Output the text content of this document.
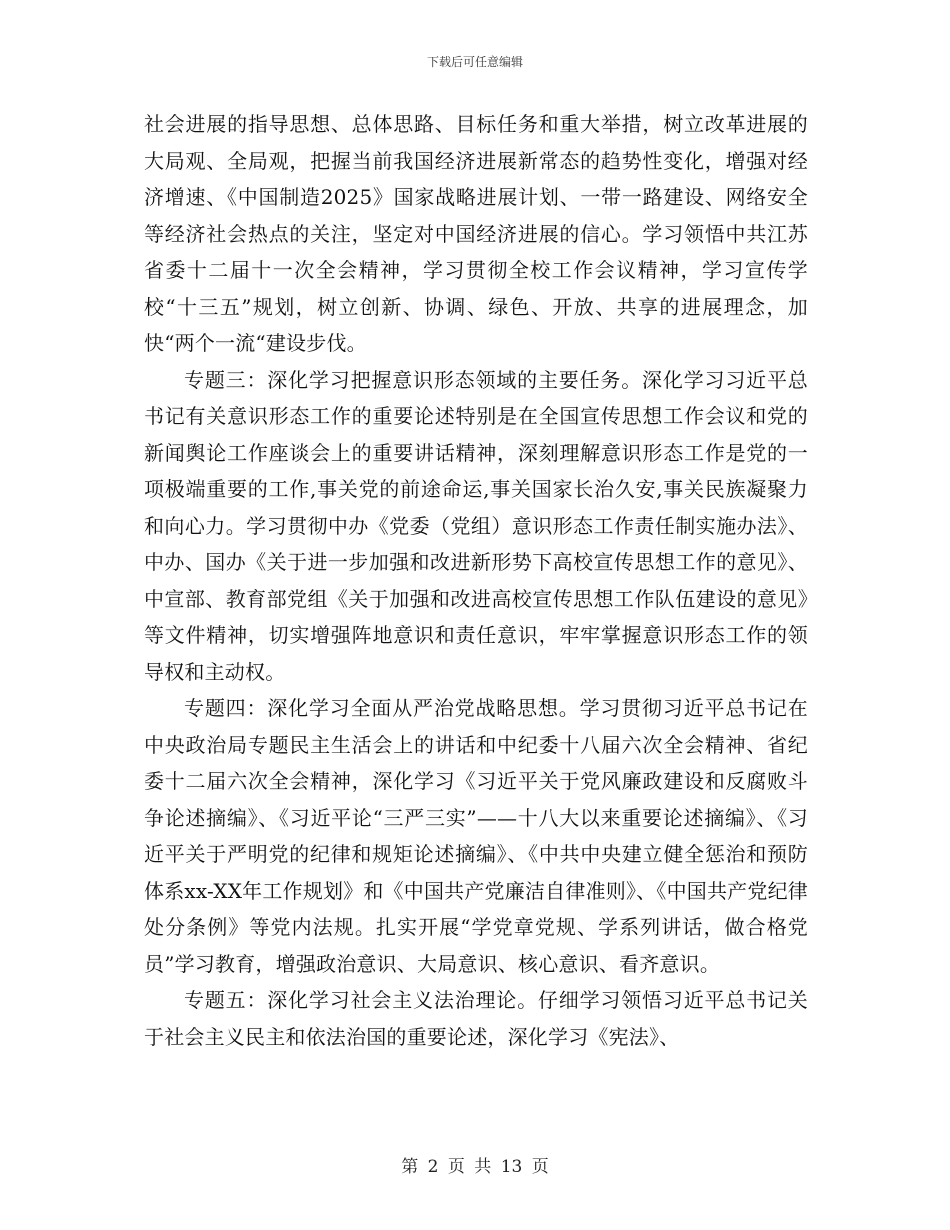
下载后可任意编辑

社会进展的指导思想、总体思路、目标任务和重大举措，树立改革进展的大局观、全局观，把握当前我国经济进展新常态的趋势性变化，增强对经济增速、《中国制造2025》国家战略进展计划、一带一路建设、网络安全等经济社会热点的关注，坚定对中国经济进展的信心。学习领悟中共江苏省委十二届十一次全会精神，学习贯彻全校工作会议精神，学习宣传学校“十三五”规划，树立创新、协调、绿色、开放、共享的进展理念，加快“两个一流“建设步伐。

专题三：深化学习把握意识形态领域的主要任务。深化学习习近平总书记有关意识形态工作的重要论述特别是在全国宣传思想工作会议和党的新闻舆论工作座谈会上的重要讲话精神，深刻理解意识形态工作是党的一项极端重要的工作,事关党的前途命运,事关国家长治久安,事关民族凝聚力和向心力。学习贯彻中办《党委（党组）意识形态工作责任制实施办法》、中办、国办《关于进一步加强和改进新形势下高校宣传思想工作的意见》、中宣部、教育部党组《关于加强和改进高校宣传思想工作队伍建设的意见》等文件精神，切实增强阵地意识和责任意识，牢牢掌握意识形态工作的领导权和主动权。

专题四：深化学习全面从严治党战略思想。学习贯彻习近平总书记在中央政治局专题民主生活会上的讲话和中纪委十八届六次全会精神、省纪委十二届六次全会精神，深化学习《习近平关于党风廉政建设和反腐败斗争论述摘编》、《习近平论“三严三实”——十八大以来重要论述摘编》、《习近平关于严明党的纪律和规矩论述摘编》、《中共中央建立健全惩治和预防体系xx-XX年工作规划》和《中国共产党廉洁自律准则》、《中国共产党纪律处分条例》等党内法规。扎实开展“学党章党规、学系列讲话，做合格党员”学习教育，增强政治意识、大局意识、核心意识、看齐意识。

专题五：深化学习社会主义法治理论。仔细学习领悟习近平总书记关于社会主义民主和依法治国的重要论述，深化学习《宪法》、

第 2 页 共 13 页
